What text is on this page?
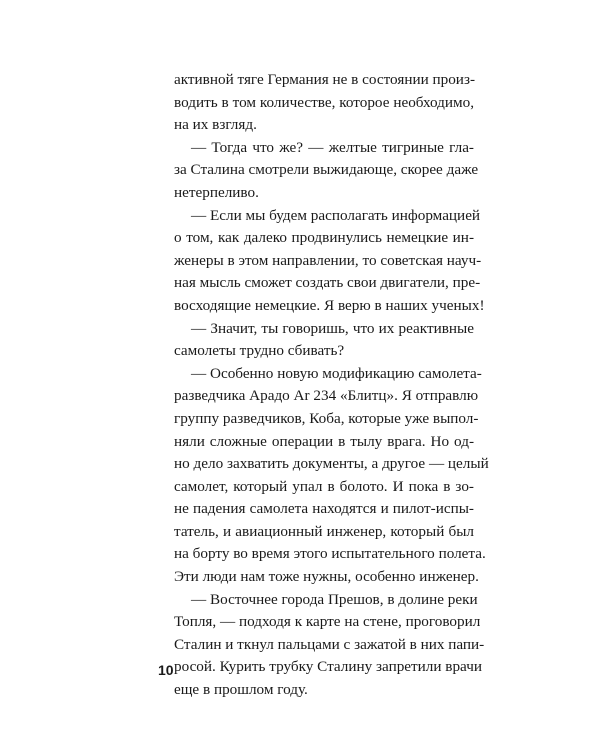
активной тяге Германия не в состоянии произ-
водить в том количестве, которое необходимо,
на их взгляд.
— Тогда что же? — желтые тигриные гла-
за Сталина смотрели выжидающе, скорее даже
нетерпеливо.
— Если мы будем располагать информацией
о том, как далеко продвинулись немецкие ин-
женеры в этом направлении, то советская науч-
ная мысль сможет создать свои двигатели, пре-
восходящие немецкие. Я верю в наших ученых!
— Значит, ты говоришь, что их реактивные
самолеты трудно сбивать?
— Особенно новую модификацию самолета-
разведчика Арадо Ar 234 «Блитц». Я отправлю
группу разведчиков, Коба, которые уже выпол-
няли сложные операции в тылу врага. Но од-
но дело захватить документы, а другое — целый
самолет, который упал в болото. И пока в зо-
не падения самолета находятся и пилот-испы-
татель, и авиационный инженер, который был
на борту во время этого испытательного полета.
Эти люди нам тоже нужны, особенно инженер.
— Восточнее города Прешов, в долине реки
Топля, — подходя к карте на стене, проговорил
Сталин и ткнул пальцами с зажатой в них папи-
росой. Курить трубку Сталину запретили врачи
еще в прошлом году.
10
